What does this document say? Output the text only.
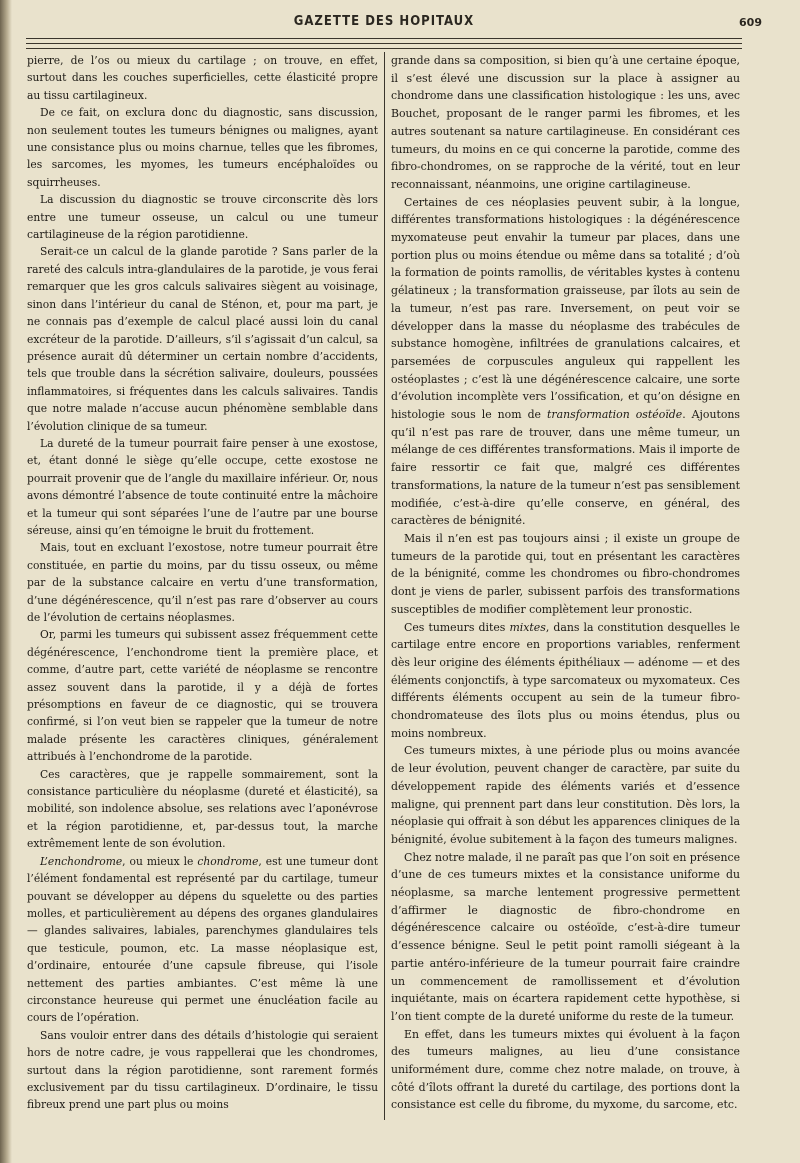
GAZETTE DES HOPITAUX	609

pierre, de l’os ou mieux du cartilage ; on trouve, en effet, surtout dans les couches superficielles, cette élasticité propre au tissu cartilagineux.

De ce fait, on exclura donc du diagnostic, sans discussion, non seulement toutes les tumeurs bénignes ou malignes, ayant une consistance plus ou moins charnue, telles que les fibromes, les sarcomes, les myomes, les tumeurs encéphaloïdes ou squirrheuses.

La discussion du diagnostic se trouve circonscrite dès lors entre une tumeur osseuse, un calcul ou une tumeur cartilagineuse de la région parotidienne.

Serait-ce un calcul de la glande parotide ? Sans parler de la rareté des calculs intra-glandulaires de la parotide, je vous ferai remarquer que les gros calculs salivaires siègent au voisinage, sinon dans l’intérieur du canal de Sténon, et, pour ma part, je ne connais pas d’exemple de calcul placé aussi loin du canal excréteur de la parotide. D’ailleurs, s’il s’agissait d’un calcul, sa présence aurait dû déterminer un certain nombre d’accidents, tels que trouble dans la sécrétion salivaire, douleurs, poussées inflammatoires, si fréquentes dans les calculs salivaires. Tandis que notre malade n’accuse aucun phénomène semblable dans l’évolution clinique de sa tumeur.

La dureté de la tumeur pourrait faire penser à une exostose, et, étant donné le siège qu’elle occupe, cette exostose ne pourrait provenir que de l’angle du maxillaire inférieur. Or, nous avons démontré l’absence de toute continuité entre la mâchoire et la tumeur qui sont séparées l’une de l’autre par une bourse séreuse, ainsi qu’en témoigne le bruit du frottement.

Mais, tout en excluant l’exostose, notre tumeur pourrait être constituée, en partie du moins, par du tissu osseux, ou même par de la substance calcaire en vertu d’une transformation, d’une dégénérescence, qu’il n’est pas rare d’observer au cours de l’évolution de certains néoplasmes.

Or, parmi les tumeurs qui subissent assez fréquemment cette dégénérescence, l’enchondrome tient la première place, et comme, d’autre part, cette variété de néoplasme se rencontre assez souvent dans la parotide, il y a déjà de fortes présomptions en faveur de ce diagnostic, qui se trouvera confirmé, si l’on veut bien se rappeler que la tumeur de notre malade présente les caractères cliniques, généralement attribués à l’enchondrome de la parotide.

Ces caractères, que je rappelle sommairement, sont la consistance particulière du néoplasme (dureté et élasticité), sa mobilité, son indolence absolue, ses relations avec l’aponévrose et la région parotidienne, et, par-dessus tout, la marche extrêmement lente de son évolution.

L’enchondrome, ou mieux le chondrome, est une tumeur dont l’élément fondamental est représenté par du cartilage, tumeur pouvant se développer au dépens du squelette ou des parties molles, et particulièrement au dépens des organes glandulaires — glandes salivaires, labiales, parenchymes glandulaires tels que testicule, poumon, etc. La masse néoplasique est, d’ordinaire, entourée d’une capsule fibreuse, qui l’isole nettement des parties ambiantes. C’est même là une circonstance heureuse qui permet une énucléation facile au cours de l’opération.

Sans vouloir entrer dans des détails d’histologie qui seraient hors de notre cadre, je vous rappellerai que les chondromes, surtout dans la région parotidienne, sont rarement formés exclusivement par du tissu cartilagineux. D’ordinaire, le tissu fibreux prend une part plus ou moins

grande dans sa composition, si bien qu’à une certaine époque, il s’est élevé une discussion sur la place à assigner au chondrome dans une classification histologique : les uns, avec Bouchet, proposant de le ranger parmi les fibromes, et les autres soutenant sa nature cartilagineuse. En considérant ces tumeurs, du moins en ce qui concerne la parotide, comme des fibro-chondromes, on se rapproche de la vérité, tout en leur reconnaissant, néanmoins, une origine cartilagineuse.

Certaines de ces néoplasies peuvent subir, à la longue, différentes transformations histologiques : la dégénérescence myxomateuse peut envahir la tumeur par places, dans une portion plus ou moins étendue ou même dans sa totalité ; d’où la formation de points ramollis, de véritables kystes à contenu gélatineux ; la transformation graisseuse, par îlots au sein de la tumeur, n’est pas rare. Inversement, on peut voir se développer dans la masse du néoplasme des trabécules de substance homogène, infiltrées de granulations calcaires, et parsemées de corpuscules anguleux qui rappellent les ostéoplastes ; c’est là une dégénérescence calcaire, une sorte d’évolution incomplète vers l’ossification, et qu’on désigne en histologie sous le nom de transformation ostéoïde. Ajoutons qu’il n’est pas rare de trouver, dans une même tumeur, un mélange de ces différentes transformations. Mais il importe de faire ressortir ce fait que, malgré ces différentes transformations, la nature de la tumeur n’est pas sensiblement modifiée, c’est-à-dire qu’elle conserve, en général, des caractères de bénignité.

Mais il n’en est pas toujours ainsi ; il existe un groupe de tumeurs de la parotide qui, tout en présentant les caractères de la bénignité, comme les chondromes ou fibro-chondromes dont je viens de parler, subissent parfois des transformations susceptibles de modifier complètement leur pronostic.

Ces tumeurs dites mixtes, dans la constitution desquelles le cartilage entre encore en proportions variables, renferment dès leur origine des éléments épithéliaux — adénome — et des éléments conjonctifs, à type sarcomateux ou myxomateux. Ces différents éléments occupent au sein de la tumeur fibro-chondromateuse des îlots plus ou moins étendus, plus ou moins nombreux.

Ces tumeurs mixtes, à une période plus ou moins avancée de leur évolution, peuvent changer de caractère, par suite du développement rapide des éléments variés et d’essence maligne, qui prennent part dans leur constitution. Dès lors, la néoplasie qui offrait à son début les apparences cliniques de la bénignité, évolue subitement à la façon des tumeurs malignes.

Chez notre malade, il ne paraît pas que l’on soit en présence d’une de ces tumeurs mixtes et la consistance uniforme du néoplasme, sa marche lentement progressive permettent d’affirmer le diagnostic de fibro-chondrome en dégénérescence calcaire ou ostéoïde, c’est-à-dire tumeur d’essence bénigne. Seul le petit point ramolli siégeant à la partie antéro-inférieure de la tumeur pourrait faire craindre un commencement de ramollissement et d’évolution inquiétante, mais on écartera rapidement cette hypothèse, si l’on tient compte de la dureté uniforme du reste de la tumeur.

En effet, dans les tumeurs mixtes qui évoluent à la façon des tumeurs malignes, au lieu d’une consistance uniformément dure, comme chez notre malade, on trouve, à côté d’îlots offrant la dureté du cartilage, des portions dont la consistance est celle du fibrome, du myxome, du sarcome, etc.
